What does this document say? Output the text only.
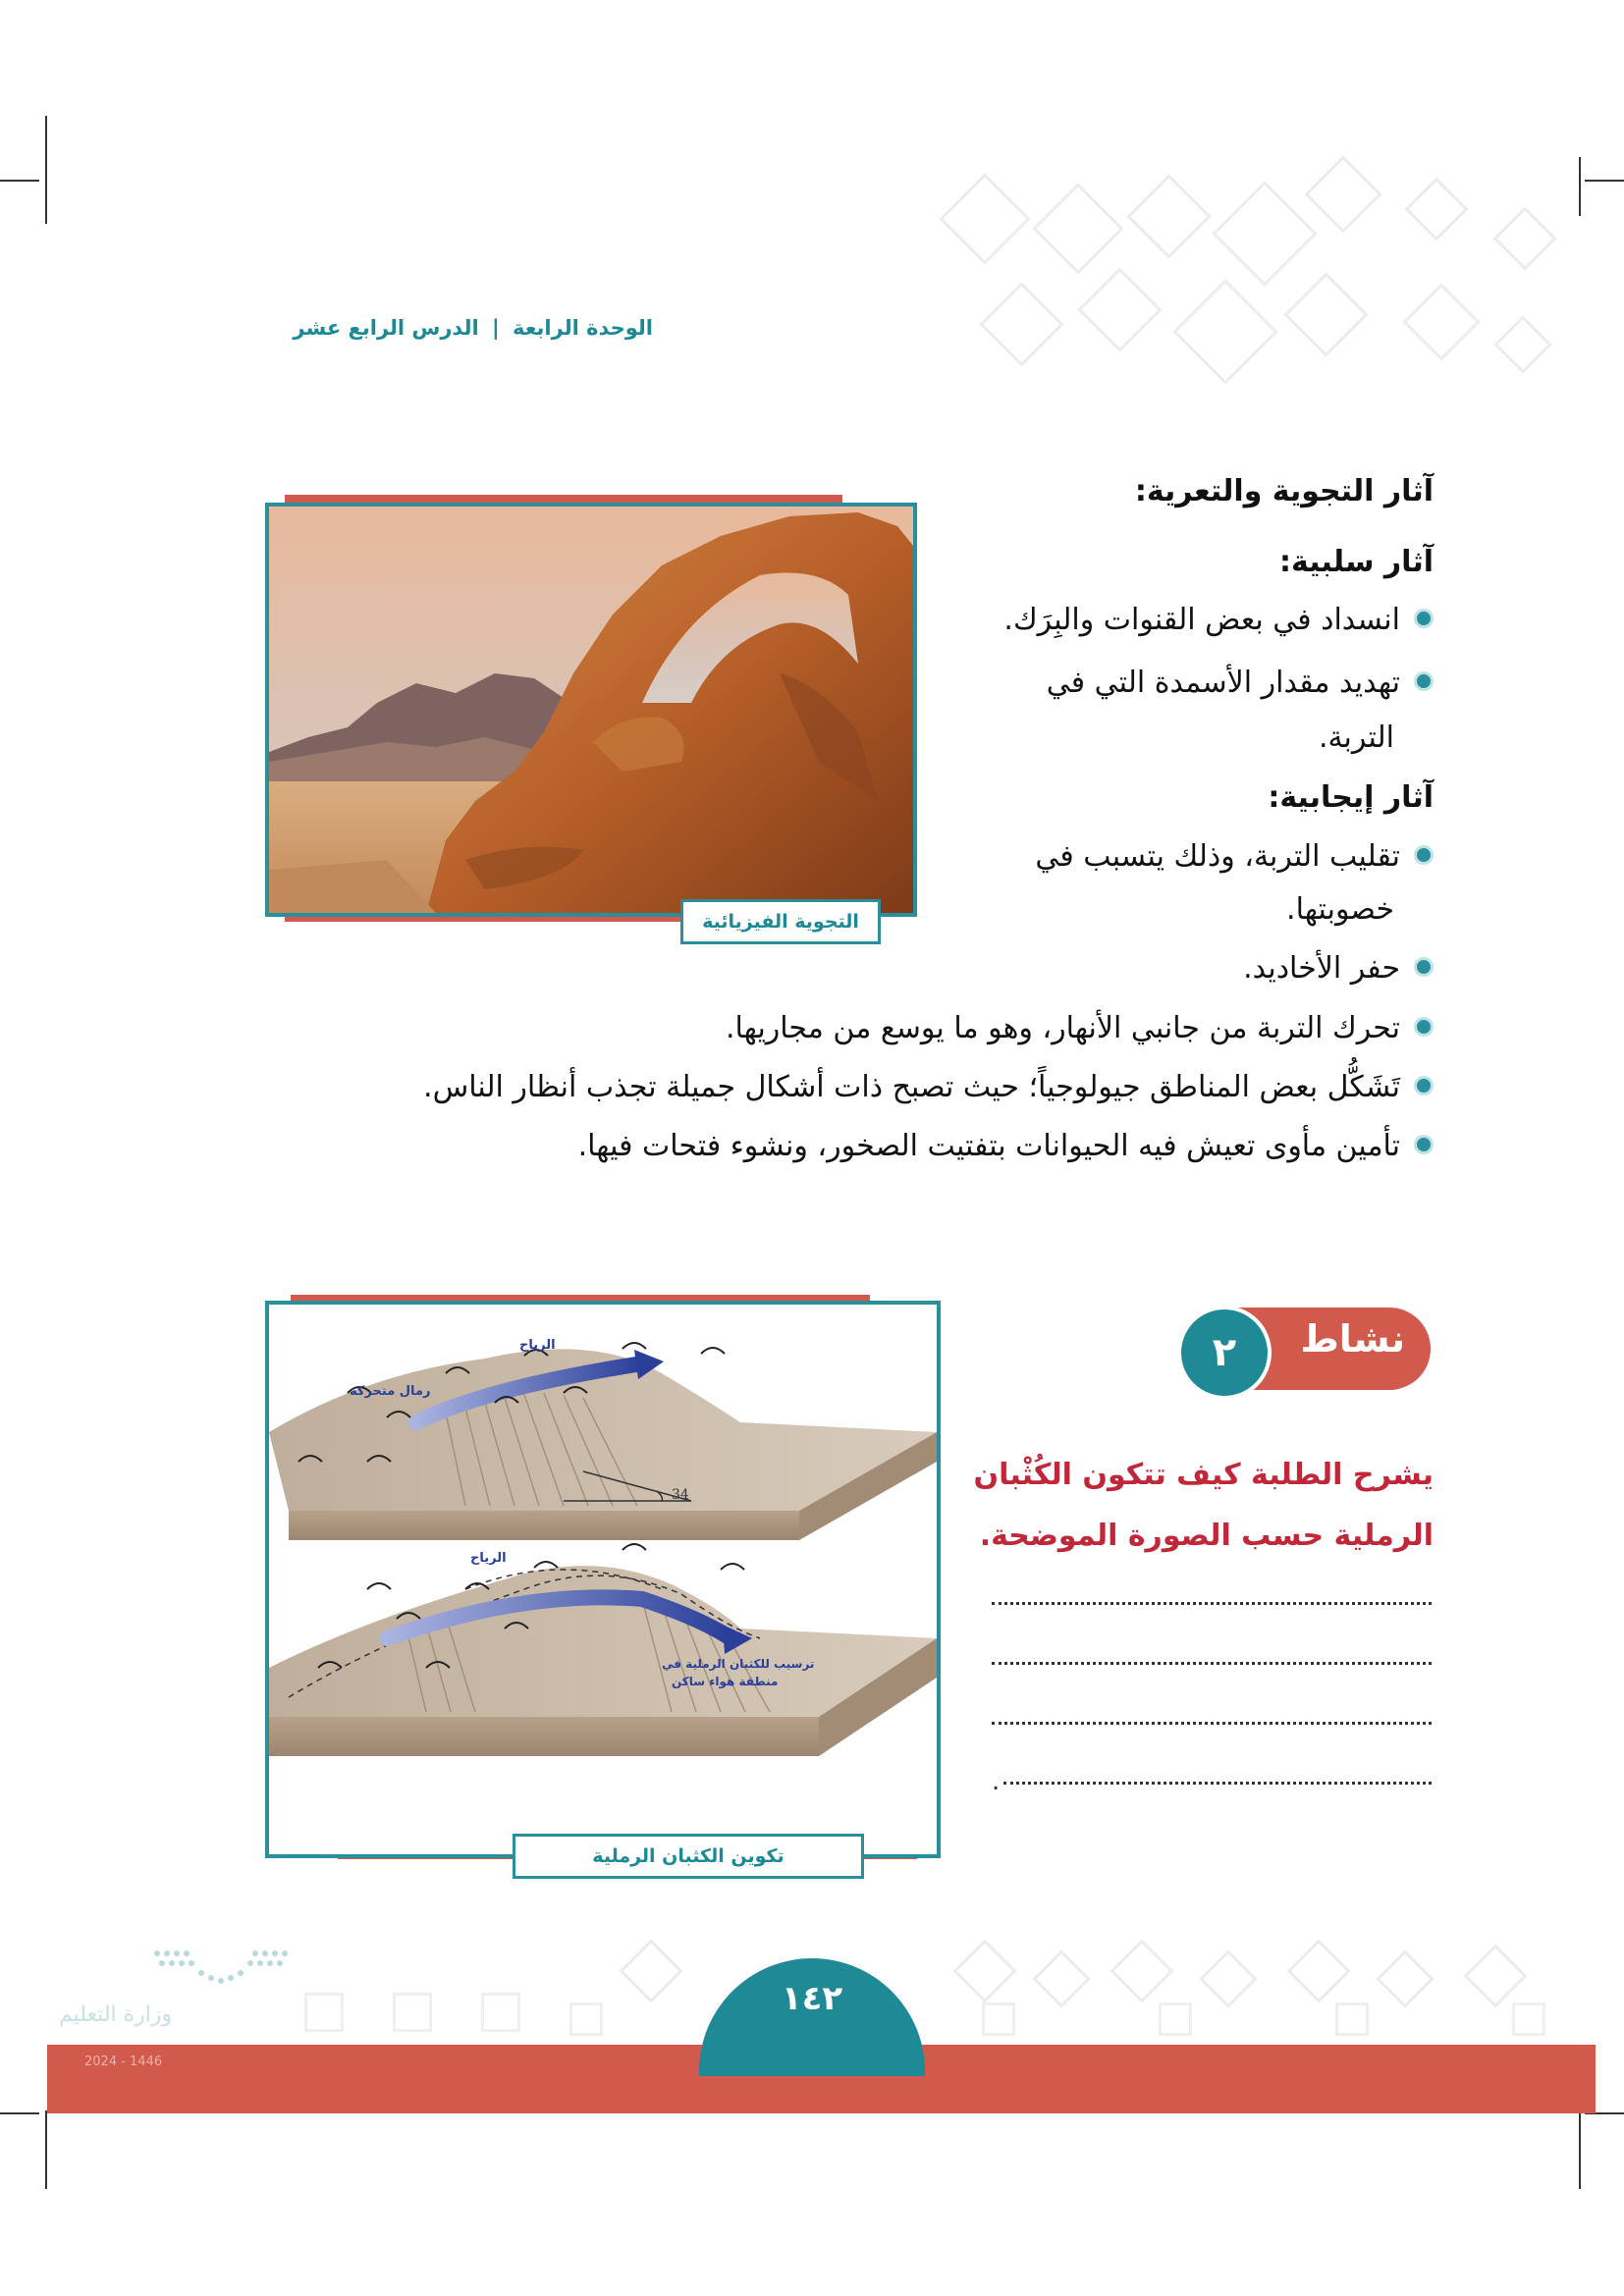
الوحدة الرابعة | الدرس الرابع عشر
التجوية الفيزيائية
آثار التجوية والتعرية:
آثار سلبية:
انسداد في بعض القنوات والبِرَك.
تهديد مقدار الأسمدة التي في
التربة.
آثار إيجابية:
تقليب التربة، وذلك يتسبب في
خصوبتها.
حفر الأخاديد.
تحرك التربة من جانبي الأنهار، وهو ما يوسع من مجاريها.
تَشَكُّل بعض المناطق جيولوجياً؛ حيث تصبح ذات أشكال جميلة تجذب أنظار الناس.
تأمين مأوى تعيش فيه الحيوانات بتفتيت الصخور، ونشوء فتحات فيها.
34
الرياح
رمال متحركة
الرياح
ترسيب للكثبان الرملية في
منطقة هواء ساكن
تكوين الكثبان الرملية
نشاط
٢
يشرح الطلبة كيف تتكون الكُثْبان
الرملية حسب الصورة الموضحة.
.
وزارة التعليم	١٤٢
2024 - 1446
